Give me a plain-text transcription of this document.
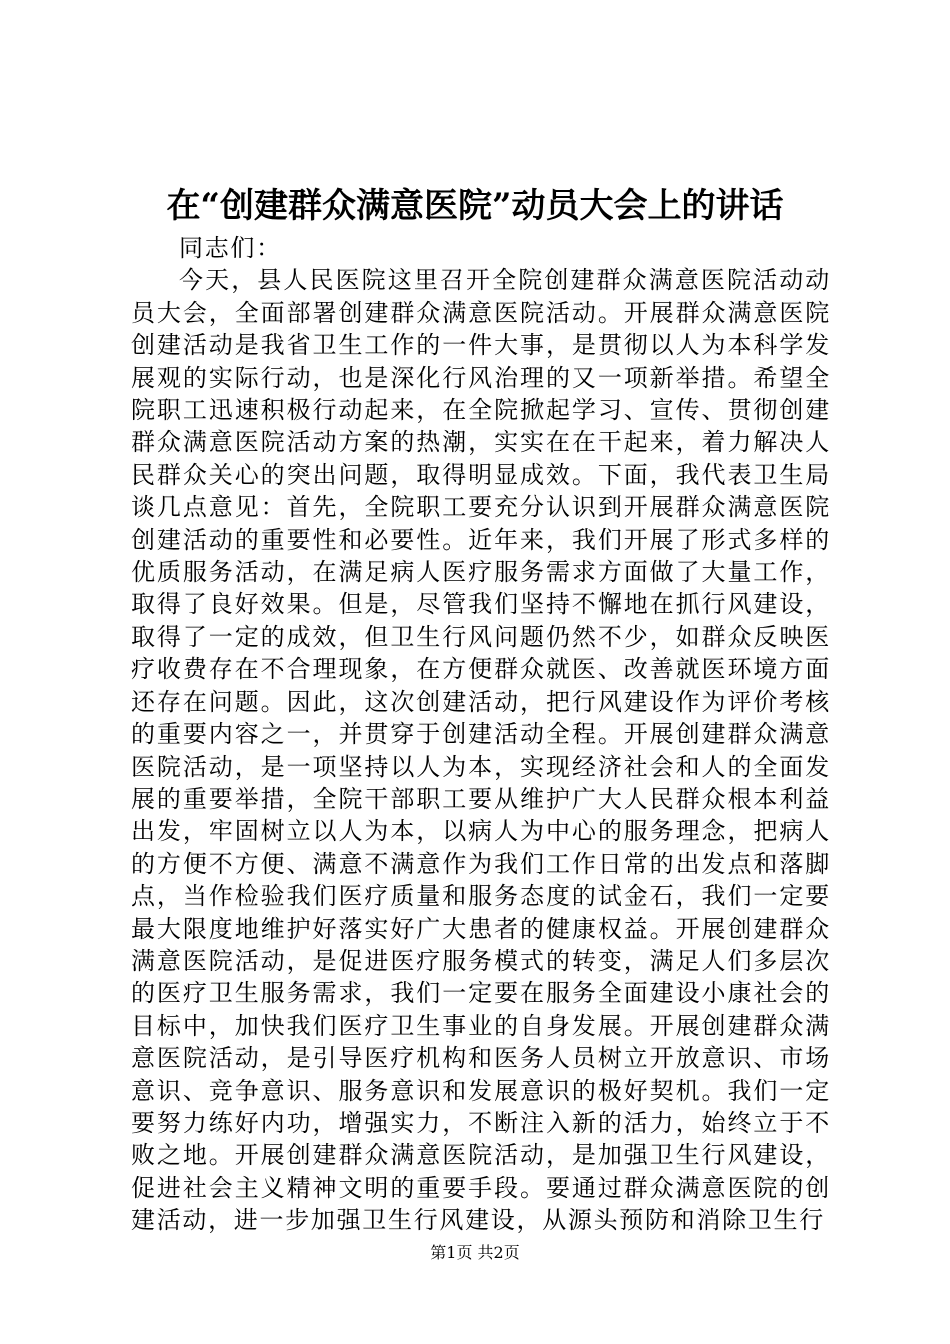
在“创建群众满意医院”动员大会上的讲话

同志们：

今天，县人民医院这里召开全院创建群众满意医院活动动员大会，全面部署创建群众满意医院活动。开展群众满意医院创建活动是我省卫生工作的一件大事，是贯彻以人为本科学发展观的实际行动，也是深化行风治理的又一项新举措。希望全院职工迅速积极行动起来，在全院掀起学习、宣传、贯彻创建群众满意医院活动方案的热潮，实实在在干起来，着力解决人民群众关心的突出问题，取得明显成效。下面，我代表卫生局谈几点意见：首先，全院职工要充分认识到开展群众满意医院创建活动的重要性和必要性。近年来，我们开展了形式多样的优质服务活动，在满足病人医疗服务需求方面做了大量工作，取得了良好效果。但是，尽管我们坚持不懈地在抓行风建设，取得了一定的成效，但卫生行风问题仍然不少，如群众反映医疗收费存在不合理现象，在方便群众就医、改善就医环境方面还存在问题。因此，这次创建活动，把行风建设作为评价考核的重要内容之一，并贯穿于创建活动全程。开展创建群众满意医院活动，是一项坚持以人为本，实现经济社会和人的全面发展的重要举措，全院干部职工要从维护广大人民群众根本利益出发，牢固树立以人为本，以病人为中心的服务理念，把病人的方便不方便、满意不满意作为我们工作日常的出发点和落脚点，当作检验我们医疗质量和服务态度的试金石，我们一定要最大限度地维护好落实好广大患者的健康权益。开展创建群众满意医院活动，是促进医疗服务模式的转变，满足人们多层次的医疗卫生服务需求，我们一定要在服务全面建设小康社会的目标中，加快我们医疗卫生事业的自身发展。开展创建群众满意医院活动，是引导医疗机构和医务人员树立开放意识、市场意识、竞争意识、服务意识和发展意识的极好契机。我们一定要努力练好内功，增强实力，不断注入新的活力，始终立于不败之地。开展创建群众满意医院活动，是加强卫生行风建设，促进社会主义精神文明的重要手段。要通过群众满意医院的创建活动，进一步加强卫生行风建设，从源头预防和消除卫生行

第1页 共2页
